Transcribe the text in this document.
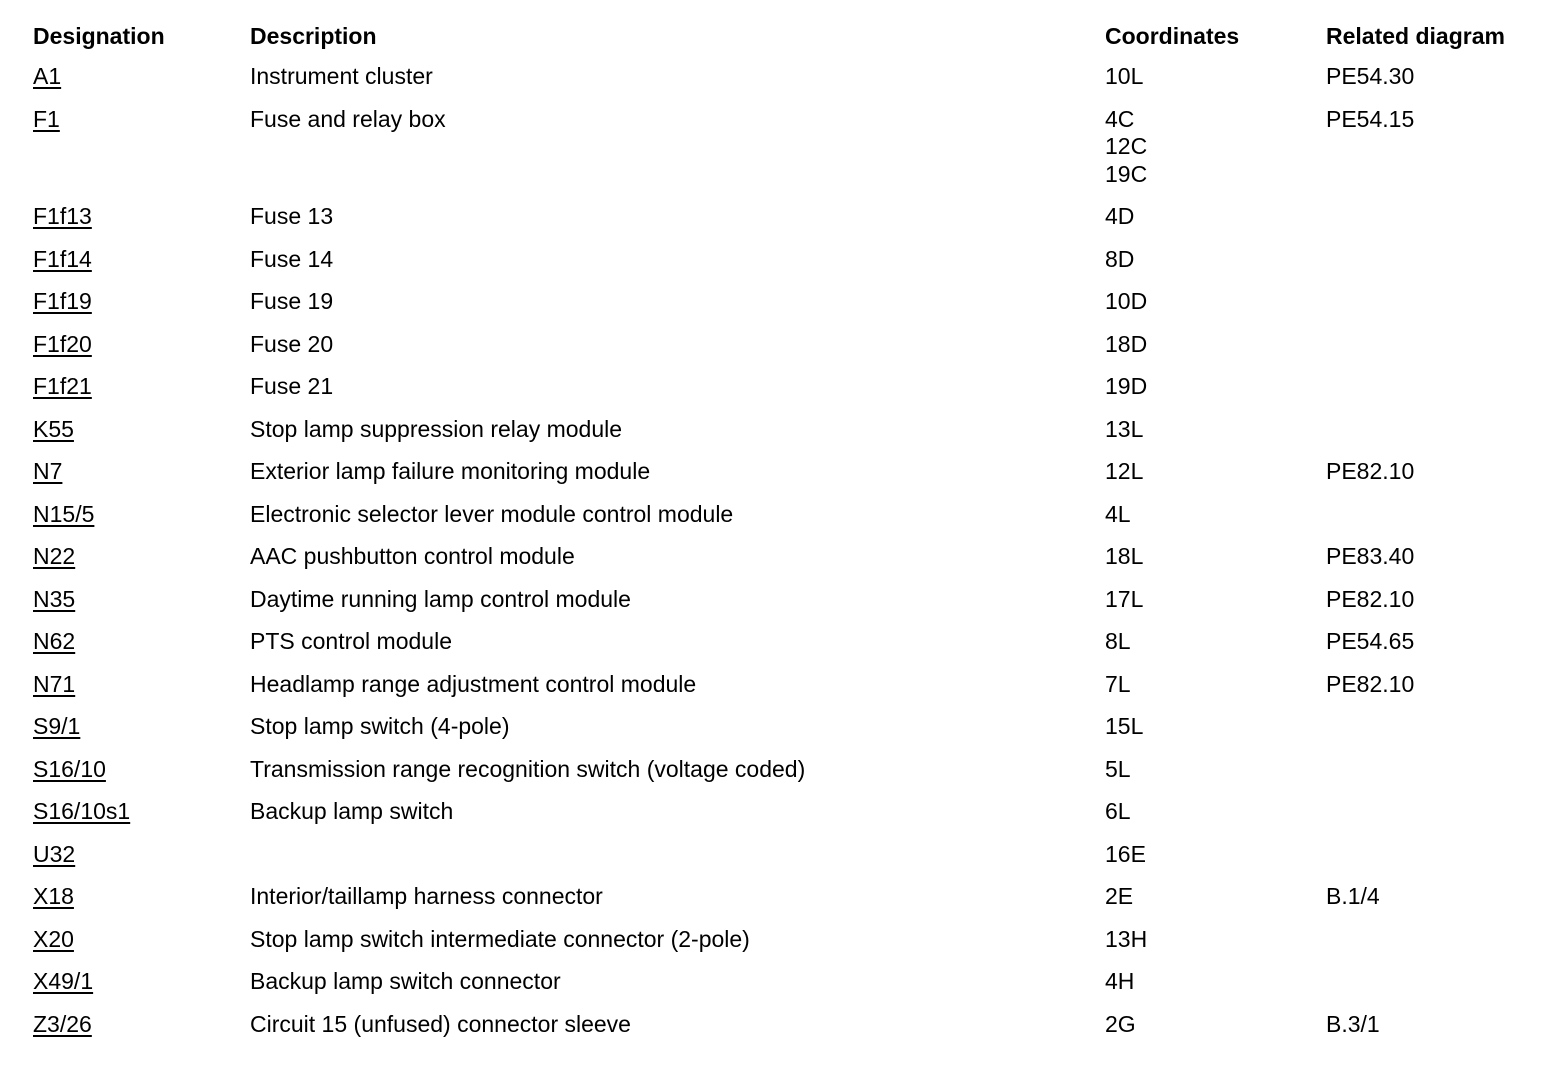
Designation	Description	Coordinates	Related diagram
A1	Instrument cluster	10L	PE54.30
F1	Fuse and relay box	4C
12C
19C	PE54.15
F1f13	Fuse 13	4D	

F1f14	Fuse 14	8D	

F1f19	Fuse 19	10D	

F1f20	Fuse 20	18D	

F1f21	Fuse 21	19D	

K55	Stop lamp suppression relay module	13L	

N7	Exterior lamp failure monitoring module	12L	PE82.10
N15/5	Electronic selector lever module control module	4L	

N22	AAC pushbutton control module	18L	PE83.40
N35	Daytime running lamp control module	17L	PE82.10
N62	PTS control module	8L	PE54.65
N71	Headlamp range adjustment control module	7L	PE82.10
S9/1	Stop lamp switch (4-pole)	15L	

S16/10	Transmission range recognition switch (voltage coded)	5L	

S16/10s1	Backup lamp switch	6L	

U32		16E	

X18	Interior/taillamp harness connector	2E	B.1/4
X20	Stop lamp switch intermediate connector (2-pole)	13H	

X49/1	Backup lamp switch connector	4H	

Z3/26	Circuit 15 (unfused) connector sleeve	2G	B.3/1
